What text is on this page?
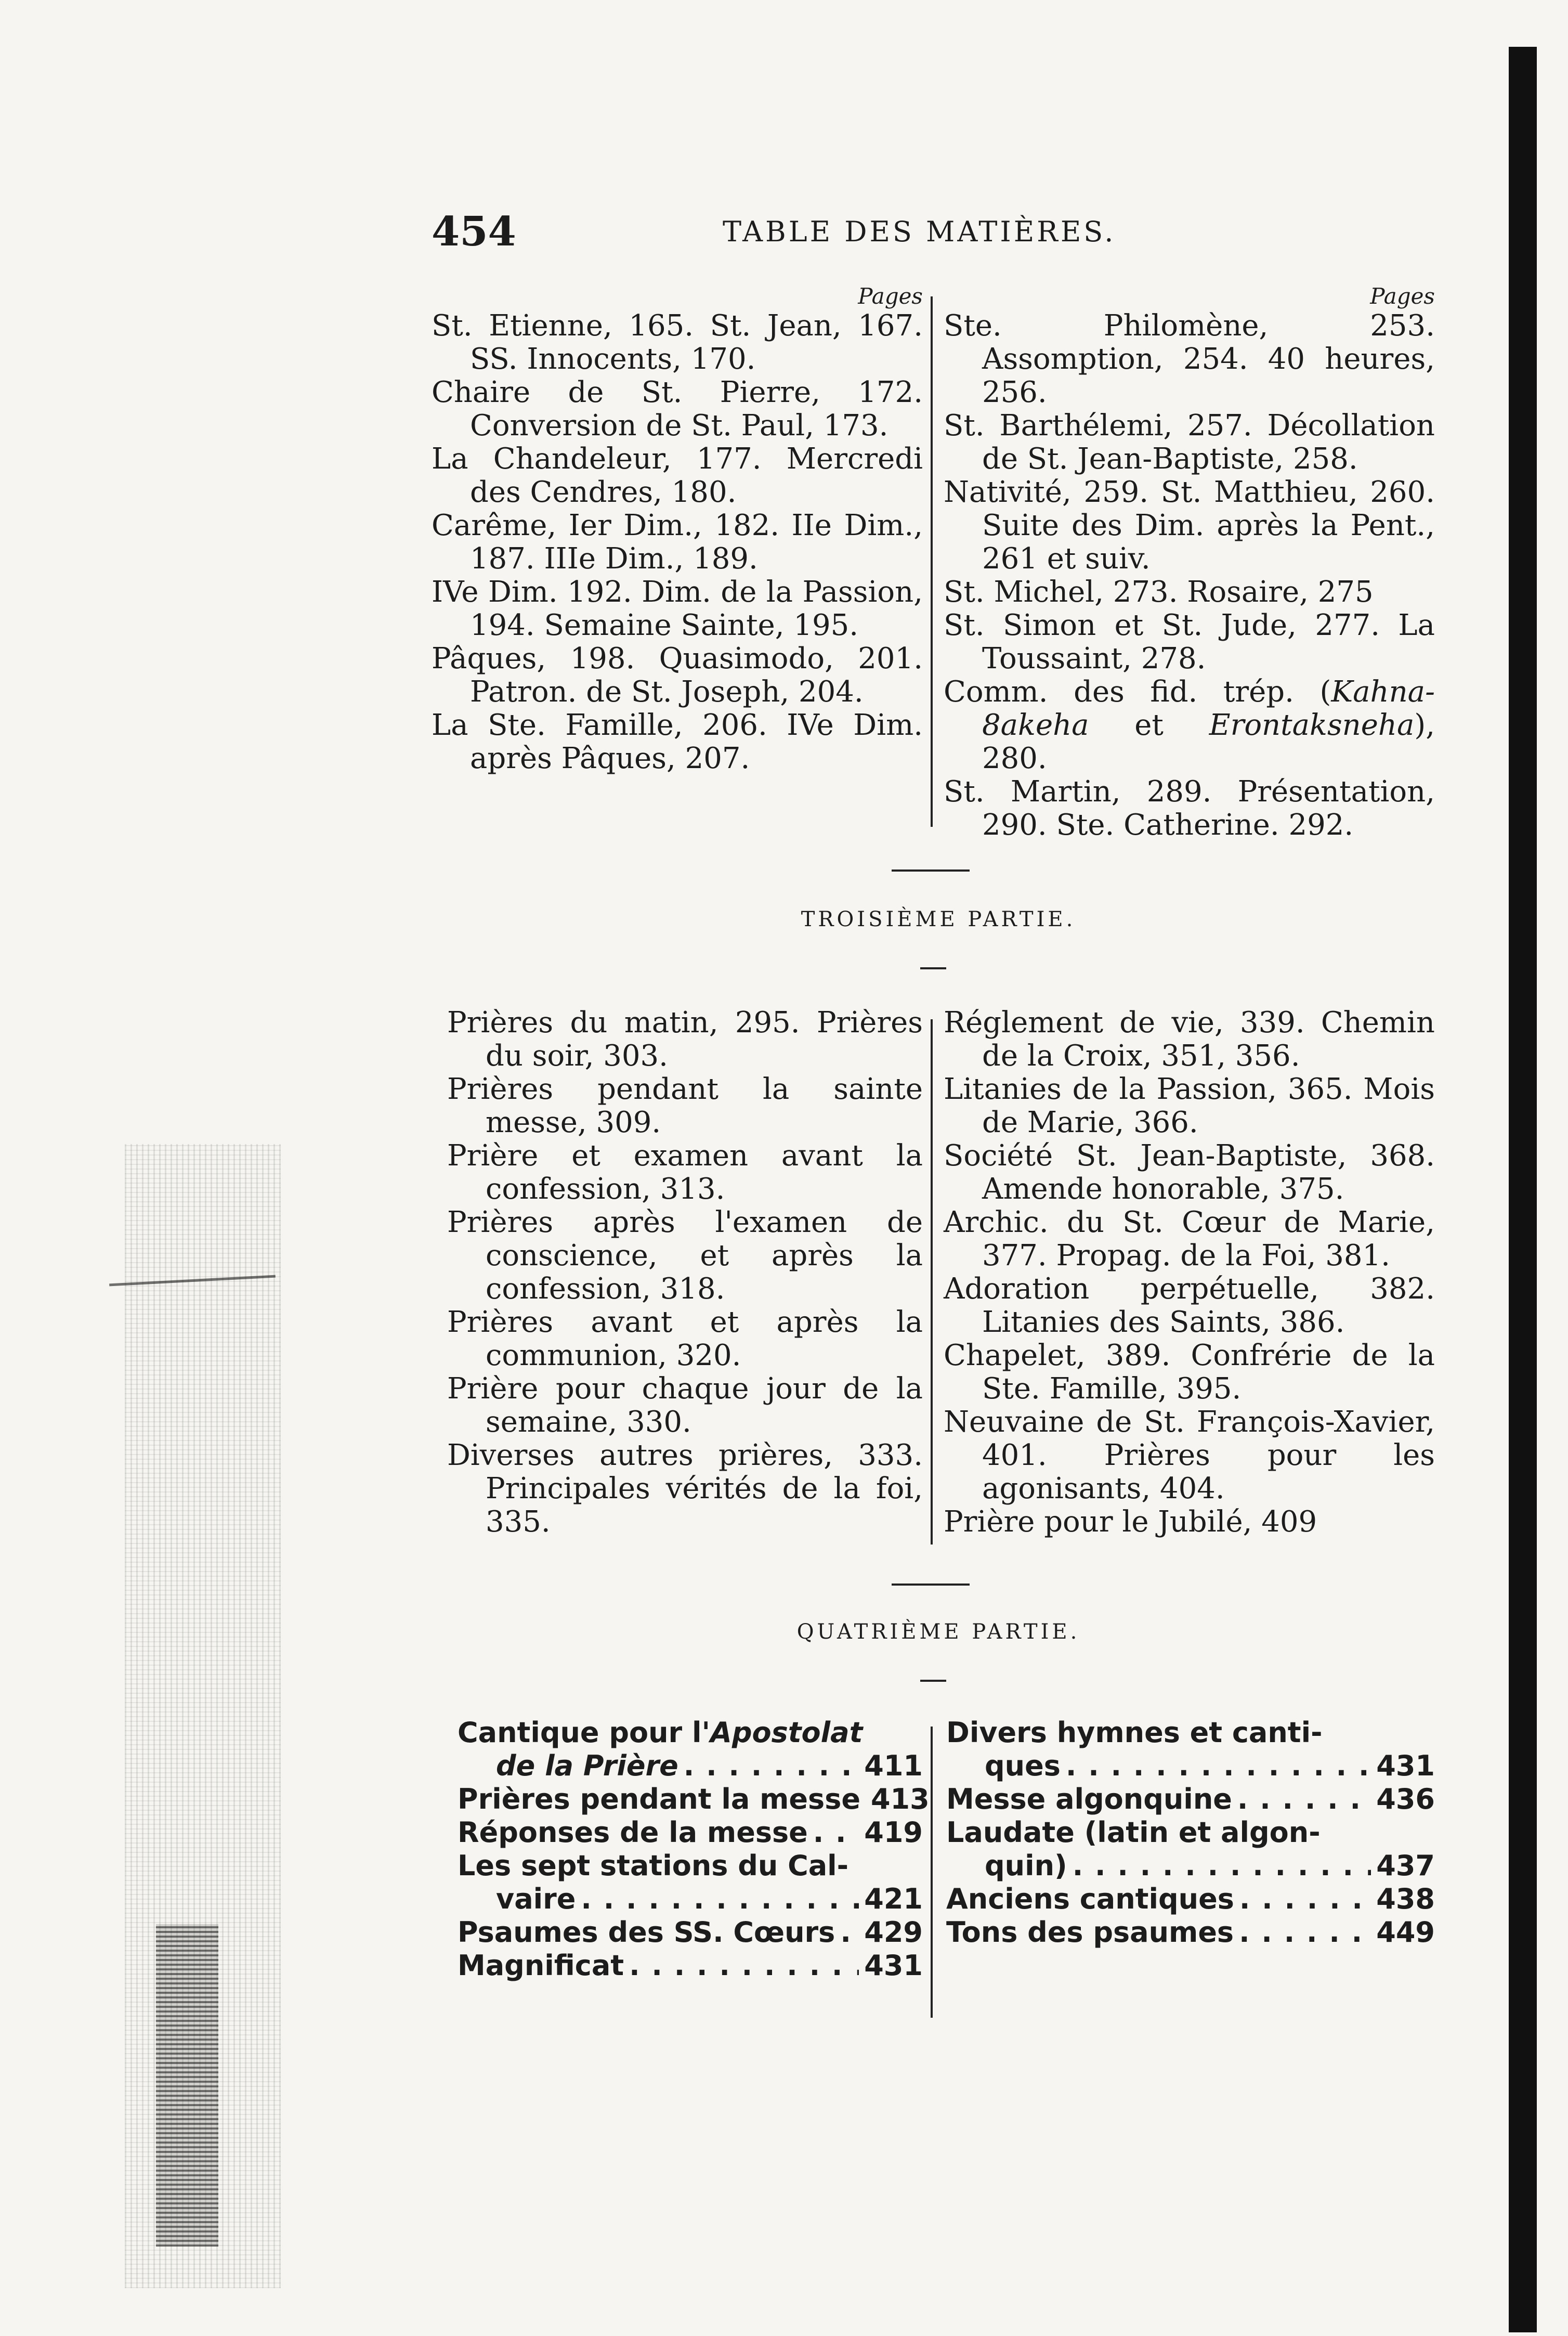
454	TABLE DES MATIÈRES.
Pages
St. Etienne, 165. St. Jean, 167. SS. Innocents, 170.
Chaire de St. Pierre, 172. Conversion de St. Paul, 173.
La Chandeleur, 177. Mercredi des Cendres, 180.
Carême, Ier Dim., 182. IIe Dim., 187. IIIe Dim., 189.
IVe Dim. 192. Dim. de la Passion, 194. Semaine Sainte, 195.
Pâques, 198. Quasimodo, 201. Patron. de St. Joseph, 204.
La Ste. Famille, 206. IVe Dim. après Pâques, 207.
Pages
Ste. Philomène, 253. Assomption, 254. 40 heures, 256.
St. Barthélemi, 257. Décollation de St. Jean-Baptiste, 258.
Nativité, 259. St. Matthieu, 260. Suite des Dim. après la Pent., 261 et suiv.
St. Michel, 273. Rosaire, 275
St. Simon et St. Jude, 277. La Toussaint, 278.
Comm. des fid. trép. (Kahna-8akeha et Erontaksneha), 280.
St. Martin, 289. Présentation, 290. Ste. Catherine. 292.
TROISIÈME PARTIE.
Prières du matin, 295. Prières du soir, 303.
Prières pendant la sainte messe, 309.
Prière et examen avant la confession, 313.
Prières après l'examen de conscience, et après la confession, 318.
Prières avant et après la communion, 320.
Prière pour chaque jour de la semaine, 330.
Diverses autres prières, 333. Principales vérités de la foi, 335.
Réglement de vie, 339. Chemin de la Croix, 351, 356.
Litanies de la Passion, 365. Mois de Marie, 366.
Société St. Jean-Baptiste, 368. Amende honorable, 375.
Archic. du St. Cœur de Marie, 377. Propag. de la Foi, 381.
Adoration perpétuelle, 382. Litanies des Saints, 386.
Chapelet, 389. Confrérie de la Ste. Famille, 395.
Neuvaine de St. François-Xavier, 401. Prières pour les agonisants, 404.
Prière pour le Jubilé, 409
QUATRIÈME PARTIE.
Cantique pour l'Apostolat
de la Prière . . .	411
Prières pendant la messe 413
Réponses de la messe . . . 419
Les sept stations du Cal-
vaire . . .	421
Psaumes des SS. Cœurs . . . 429
Magnificat . . .	431
Divers hymnes et canti-
ques . . .	431
Messe algonquine . . .	436
Laudate (latin et algon-
quin) . . .	437
Anciens cantiques . . .	438
Tons des psaumes . . .	449
